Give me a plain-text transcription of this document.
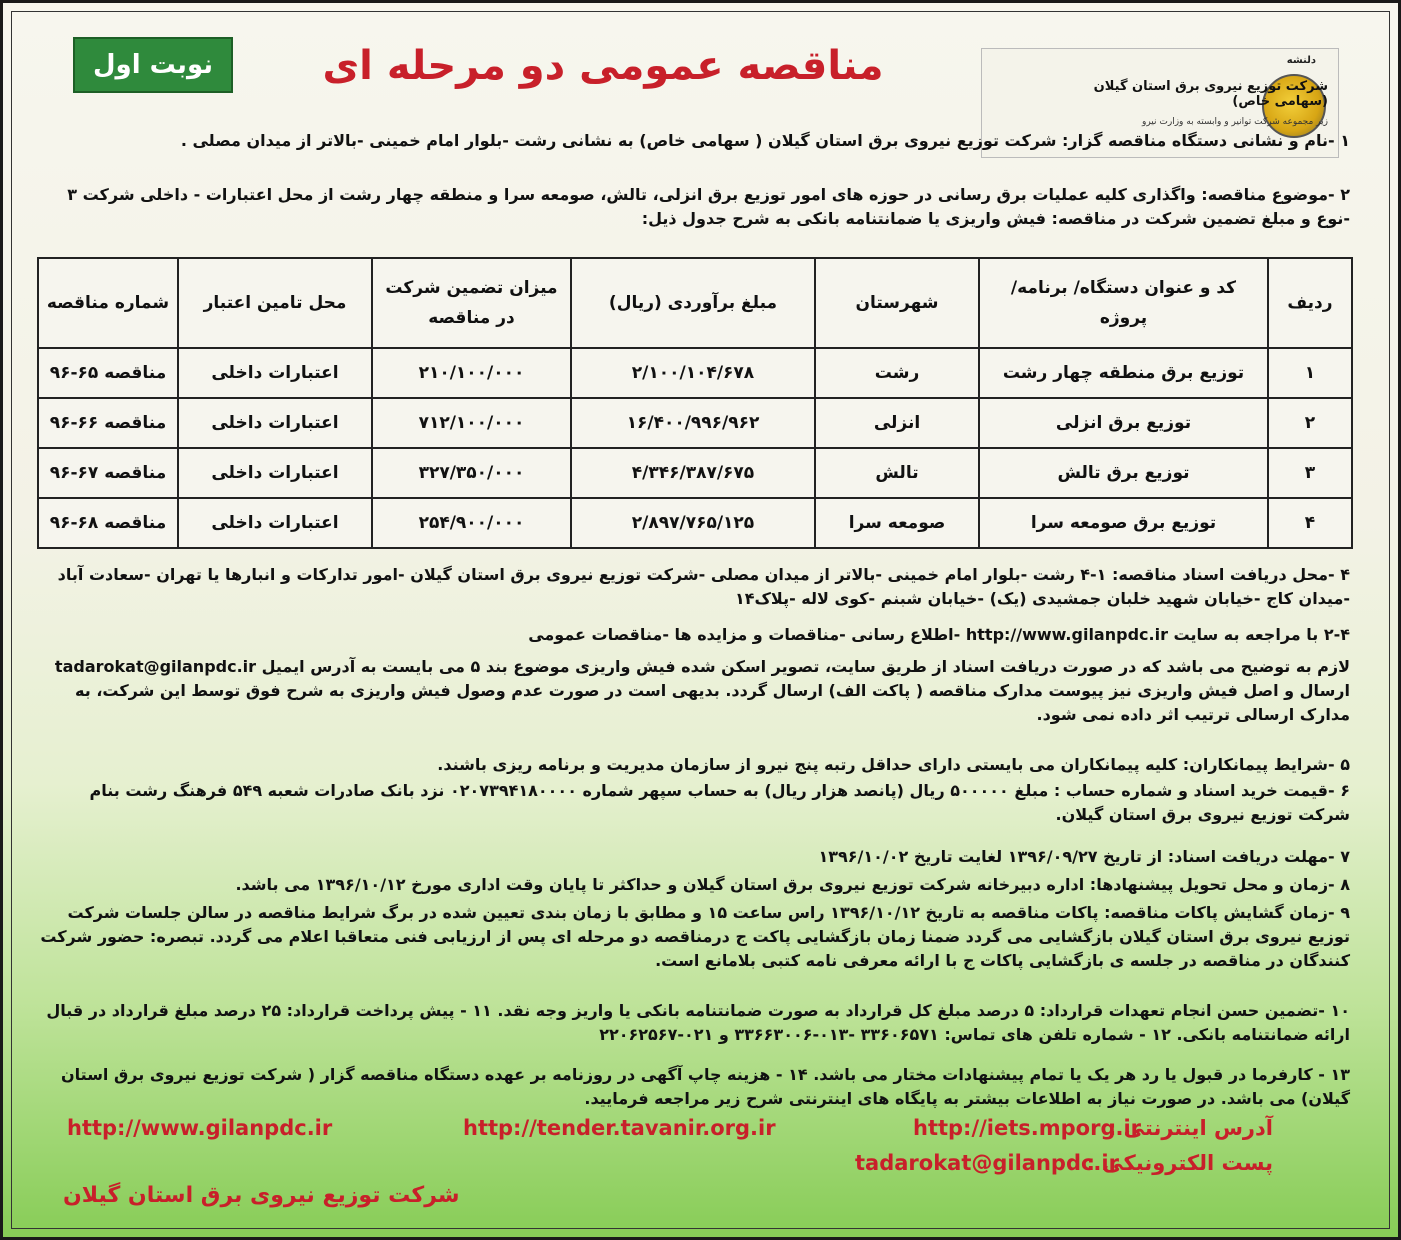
دلنشه
شرکت توزیع نیروی برق استان گیلان (سهامی خاص)
زیر مجموعه شرکت توانیر و وابسته به وزارت نیرو
مناقصه عمومی دو مرحله ای
نوبت اول
۱ -نام و نشانی دستگاه مناقصه گزار: شرکت توزیع نیروی برق استان گیلان ( سهامی خاص) به نشانی رشت -بلوار امام خمینی -بالاتر از میدان مصلی .
۲ -موضوع مناقصه: واگذاری کلیه عملیات برق رسانی در حوزه های امور توزیع برق انزلی، تالش، صومعه سرا و منطقه چهار رشت از محل اعتبارات - داخلی شرکت ۳ -نوع و مبلغ تضمین شرکت در مناقصه: فیش واریزی یا ضمانتنامه بانکی به شرح جدول ذیل:
ردیف	کد و عنوان دستگاه/ برنامه/ پروژه	شهرستان	مبلغ برآوردی (ریال)	میزان تضمین شرکت در مناقصه	محل تامین اعتبار	شماره مناقصه
۱	توزیع برق منطقه چهار رشت	رشت	۲/۱۰۰/۱۰۴/۶۷۸	۲۱۰/۱۰۰/۰۰۰	اعتبارات داخلی	مناقصه ۶۵-۹۶
۲	توزیع برق انزلی	انزلی	۱۶/۴۰۰/۹۹۶/۹۶۲	۷۱۲/۱۰۰/۰۰۰	اعتبارات داخلی	مناقصه ۶۶-۹۶
۳	توزیع برق تالش	تالش	۴/۳۴۶/۳۸۷/۶۷۵	۳۲۷/۳۵۰/۰۰۰	اعتبارات داخلی	مناقصه ۶۷-۹۶
۴	توزیع برق صومعه سرا	صومعه سرا	۲/۸۹۷/۷۶۵/۱۲۵	۲۵۴/۹۰۰/۰۰۰	اعتبارات داخلی	مناقصه ۶۸-۹۶
۴ -محل دریافت اسناد مناقصه: ۱-۴ رشت -بلوار امام خمینی -بالاتر از میدان مصلی -شرکت توزیع نیروی برق استان گیلان -امور تدارکات و انبارها یا تهران -سعادت آباد -میدان کاج -خیابان شهید خلبان جمشیدی (یک) -خیابان شبنم -کوی لاله -پلاک۱۴
۲-۴ با مراجعه به سایت http://www.gilanpdc.ir -اطلاع رسانی -مناقصات و مزایده ها -مناقصات عمومی
لازم به توضیح می باشد که در صورت دریافت اسناد از طریق سایت، تصویر اسکن شده فیش واریزی موضوع بند ۵ می بایست به آدرس ایمیل tadarokat@gilanpdc.ir ارسال و اصل فیش واریزی نیز پیوست مدارک مناقصه ( پاکت الف) ارسال گردد. بدیهی است در صورت عدم وصول فیش واریزی به شرح فوق توسط این شرکت، به مدارک ارسالی ترتیب اثر داده نمی شود.
۵ -شرایط پیمانکاران: کلیه پیمانکاران می بایستی دارای حداقل رتبه پنج نیرو از سازمان مدیریت و برنامه ریزی باشند.
۶ -قیمت خرید اسناد و شماره حساب : مبلغ ۵۰۰۰۰۰ ریال (پانصد هزار ریال) به حساب سپهر شماره ۰۲۰۷۳۹۴۱۸۰۰۰۰ نزد بانک صادرات شعبه ۵۴۹ فرهنگ رشت بنام شرکت توزیع نیروی برق استان گیلان.
۷ -مهلت دریافت اسناد: از تاریخ ۱۳۹۶/۰۹/۲۷ لغایت تاریخ ۱۳۹۶/۱۰/۰۲
۸ -زمان و محل تحویل پیشنهادها: اداره دبیرخانه شرکت توزیع نیروی برق استان گیلان و حداکثر تا پایان وقت اداری مورخ ۱۳۹۶/۱۰/۱۲ می باشد.
۹ -زمان گشایش پاکات مناقصه: پاکات مناقصه به تاریخ ۱۳۹۶/۱۰/۱۲ راس ساعت ۱۵ و مطابق با زمان بندی تعیین شده در برگ شرایط مناقصه در سالن جلسات شرکت توزیع نیروی برق استان گیلان بازگشایی می گردد ضمنا زمان بازگشایی پاکت ج درمناقصه دو مرحله ای پس از ارزیابی فنی متعاقبا اعلام می گردد. تبصره: حضور شرکت کنندگان در مناقصه در جلسه ی بازگشایی پاکات ج با ارائه معرفی نامه کتبی بلامانع است.
۱۰ -تضمین حسن انجام تعهدات قرارداد: ۵ درصد مبلغ کل قرارداد به صورت ضمانتنامه بانکی یا واریز وجه نقد. ۱۱ - پیش پرداخت قرارداد: ۲۵ درصد مبلغ قرارداد در قبال ارائه ضمانتنامه بانکی. ۱۲ - شماره تلفن های تماس: ۳۳۶۰۶۵۷۱ -۰۱۳-۳۳۶۶۳۰۰۶ و ۰۲۱-۲۲۰۶۲۵۶۷
۱۳ - کارفرما در قبول یا رد هر یک یا تمام پیشنهادات مختار می باشد. ۱۴ - هزینه چاپ آگهی در روزنامه بر عهده دستگاه مناقصه گزار ( شرکت توزیع نیروی برق استان گیلان) می باشد. در صورت نیاز به اطلاعات بیشتر به پایگاه های اینترنتی شرح زیر مراجعه فرمایید.
آدرس اینترنتی :
http://iets.mporg.ir
http://tender.tavanir.org.ir
http://www.gilanpdc.ir
پست الکترونیکی :
tadarokat@gilanpdc.ir
شرکت توزیع نیروی برق استان گیلان
